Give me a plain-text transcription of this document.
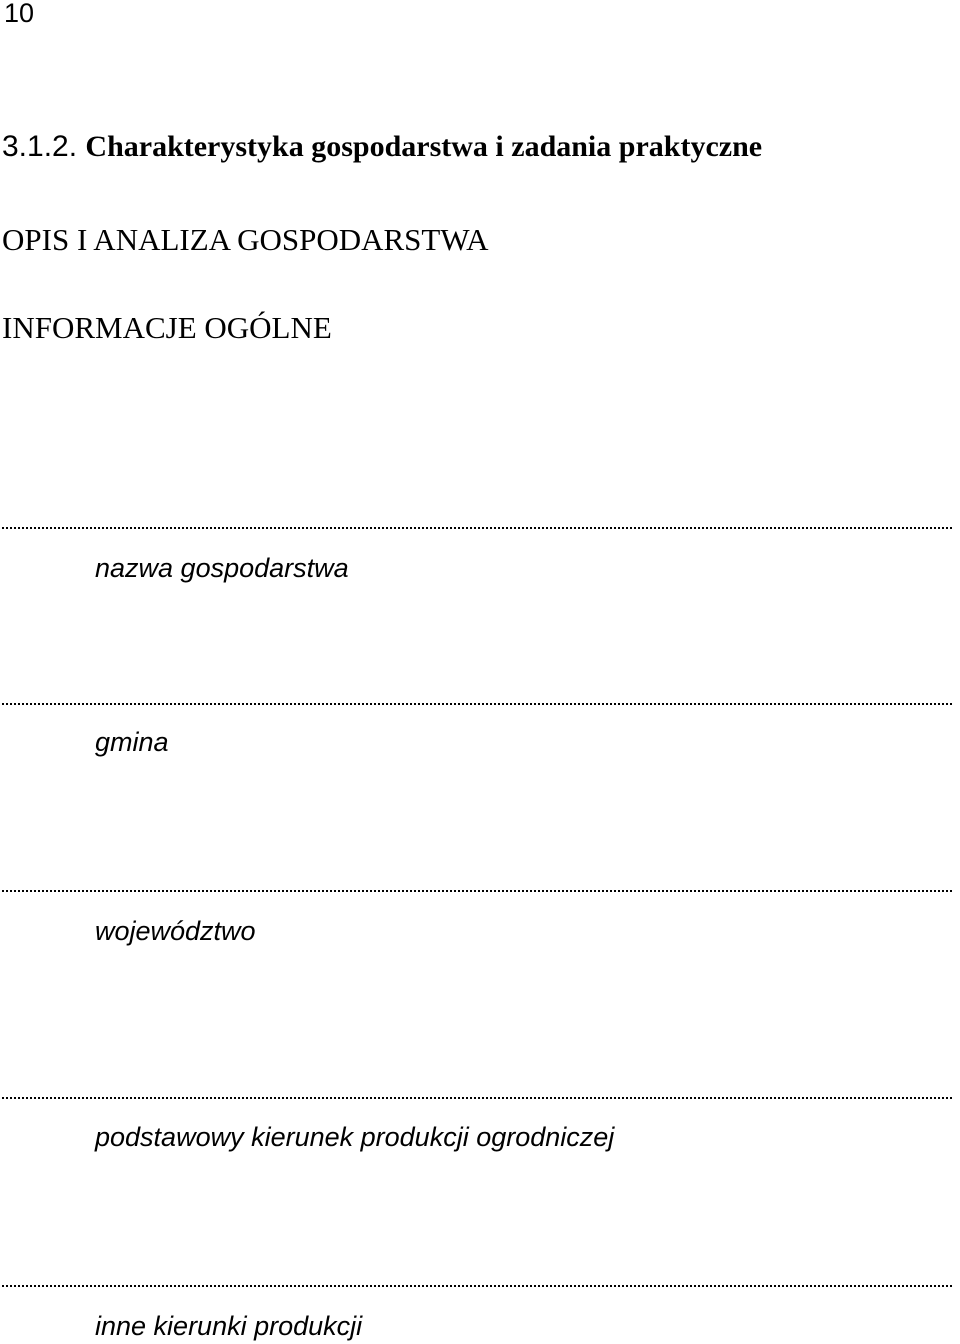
10
3.1.2. Charakterystyka gospodarstwa i zadania praktyczne
OPIS I ANALIZA GOSPODARSTWA
INFORMACJE OGÓLNE
nazwa gospodarstwa
gmina
województwo
podstawowy kierunek produkcji ogrodniczej
inne kierunki produkcji
